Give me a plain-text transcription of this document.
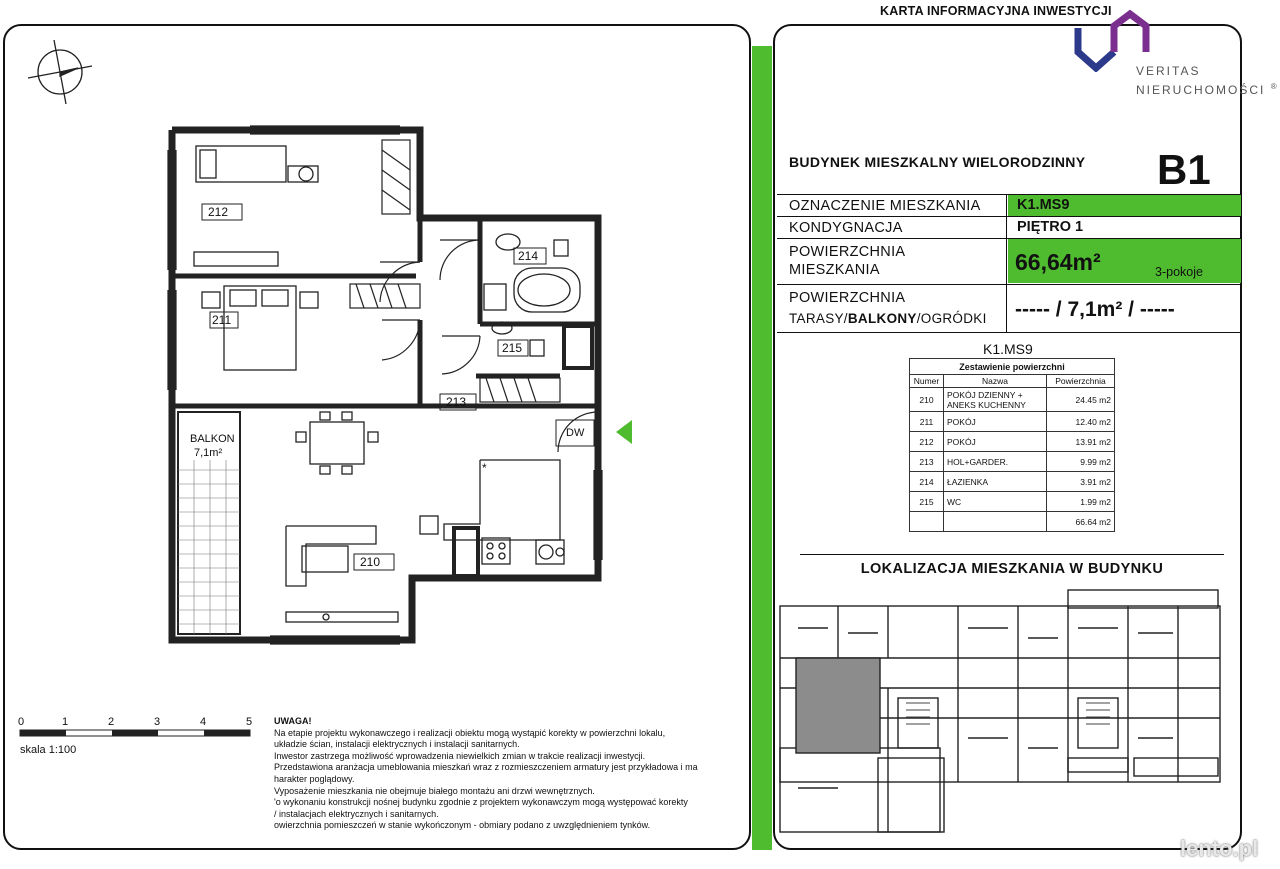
KARTA INFORMACYJNA INWESTYCJI
VERITAS
NIERUCHOMOŚCI ®
BUDYNEK MIESZKALNY WIELORODZINNY B1
OZNACZENIE MIESZKANIA	K1.MS9
KONDYGNACJA	PIĘTRO 1
POWIERZCHNIA
MIESZKANIA	66,64m²	3-pokoje
POWIERZCHNIA
TARASY/BALKONY/OGRÓDKI ----- / 7,1m² / -----
K1.MS9
Zestawienie powierzchni		
Numer	Nazwa	Powierzchnia
210	POKÓJ DZIENNY + ANEKS KUCHENNY	24.45 m2
211	POKÓJ	12.40 m2
212	POKÓJ	13.91 m2
213	HOL+GARDER.	9.99 m2
214	ŁAZIENKA	3.91 m2
215	WC	1.99 m2
		66.64 m2
LOKALIZACJA MIESZKANIA W BUDYNKU
212
211
214
215
213
210
BALKON
7,1m²
DW
*
0	1	2	3	4	5
skala 1:100
UWAGA!
Na etapie projektu wykonawczego i realizacji obiektu mogą wystąpić korekty w powierzchni lokalu,
układzie ścian, instalacji elektrycznych i instalacji sanitarnych.
Inwestor zastrzega możliwość wprowadzenia niewielkich zmian w trakcie realizacji inwestycji.
Przedstawiona aranżacja umeblowania mieszkań wraz z rozmieszczeniem armatury jest przykładowa i ma
harakter poglądowy.
Vyposażenie mieszkania nie obejmuje białego montażu ani drzwi wewnętrznych.
'o wykonaniu konstrukcji nośnej budynku zgodnie z projektem wykonawczym mogą występować korekty
/ instalacjach elektrycznych i sanitarnych.
owierzchnia pomieszczeń w stanie wykończonym - obmiary podano z uwzględnieniem tynków.
lento.pl
